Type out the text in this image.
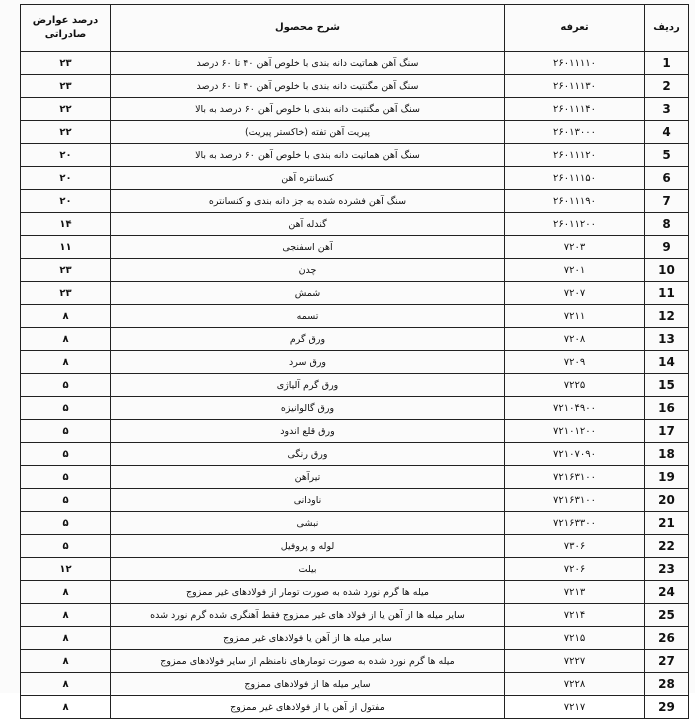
ردیف	تعرفه	شرح محصول	درصد عوارض
صادراتی

1	۲۶۰۱۱۱۱۰	سنگ آهن هماتیت دانه بندی با خلوص آهن ۴۰ تا ۶۰ درصد	۲۳
2	۲۶۰۱۱۱۳۰	سنگ آهن مگنتیت دانه بندی با خلوص آهن ۴۰ تا ۶۰ درصد	۲۳
3	۲۶۰۱۱۱۴۰	سنگ آهن مگنتیت دانه بندی با خلوص آهن ۶۰ درصد به بالا	۲۲
4	۲۶۰۱۳۰۰۰	پیریت آهن تفته (خاکستر پیریت)	۲۲
5	۲۶۰۱۱۱۲۰	سنگ آهن هماتیت دانه بندی با خلوص آهن ۶۰ درصد به بالا	۲۰
6	۲۶۰۱۱۱۵۰	کنسانتره آهن	۲۰
7	۲۶۰۱۱۱۹۰	سنگ آهن فشرده شده به جز دانه بندی و کنسانتره	۲۰
8	۲۶۰۱۱۲۰۰	گندله آهن	۱۴
9	۷۲۰۳	آهن اسفنجی	۱۱
10	۷۲۰۱	چدن	۲۳
11	۷۲۰۷	شمش	۲۳
12	۷۲۱۱	تسمه	۸
13	۷۲۰۸	ورق گرم	۸
14	۷۲۰۹	ورق سرد	۸
15	۷۲۲۵	ورق گرم آلیاژی	۵
16	۷۲۱۰۴۹۰۰	ورق گالوانیزه	۵
17	۷۲۱۰۱۲۰۰	ورق قلع اندود	۵
18	۷۲۱۰۷۰۹۰	ورق رنگی	۵
19	۷۲۱۶۳۱۰۰	تیرآهن	۵
20	۷۲۱۶۳۱۰۰	ناودانی	۵
21	۷۲۱۶۳۳۰۰	نبشی	۵
22	۷۳۰۶	لوله و پروفیل	۵
23	۷۲۰۶	بیلت	۱۲
24	۷۲۱۳	میله ها گرم نورد شده به صورت تومار از فولادهای غیر ممزوج	۸
25	۷۲۱۴	سایر میله ها از آهن یا از فولاد های غیر ممزوج فقط آهنگری شده گرم نورد شده	۸
26	۷۲۱۵	سایر میله ها از آهن یا فولادهای غیر ممزوج	۸
27	۷۲۲۷	میله ها گرم نورد شده به صورت تومارهای نامنظم از سایر فولادهای ممزوج	۸
28	۷۲۲۸	سایر میله ها از فولادهای ممزوج	۸
29	۷۲۱۷	مفتول از آهن یا از فولادهای غیر ممزوج	۸
